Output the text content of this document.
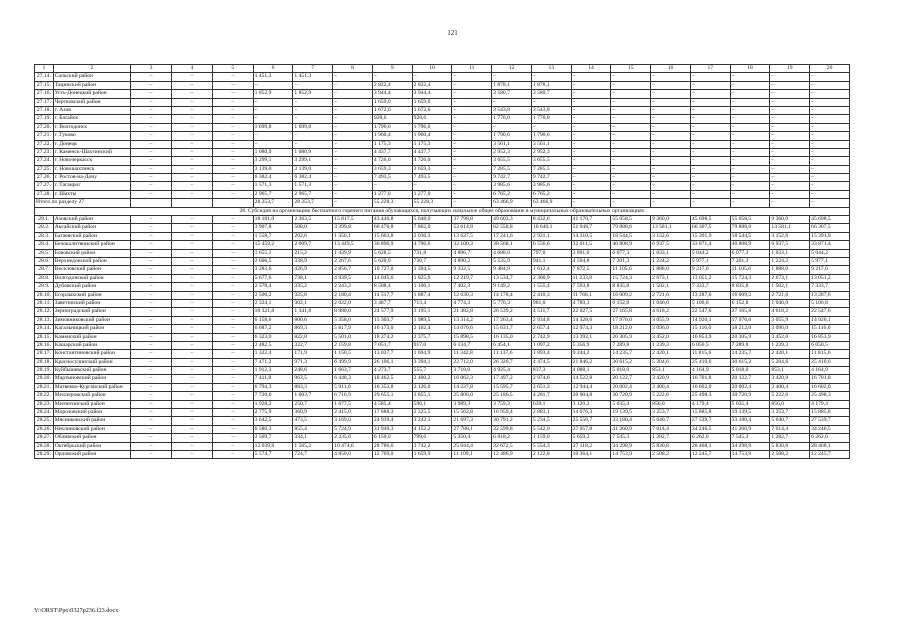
121
1	2	3	4	5	6	7	8	9	10	11	12	13	14	15	16	17	18	19	20
27.14.	Сальский район	–	–	–	1 451,3	1 451,3	–	–	–	–	–	–	–	–	–	–	–	–	–
27.15.	Тацинский район	–	–	–	–	–	–	2 822,4	2 822,4	–	1 878,1	1 878,1	–	–	–	–	–	–	–
27.16.	Усть-Донецкий район	–	–	–	1 852,9	1 852,9	–	3 944,4	3 944,4	–	3 580,7	3 580,7	–	–	–	–	–	–	–
27.17.	Чертковский район	–	–	–	–	–	–	1 659,0	1 659,0	–	–	–	–	–	–	–	–	–	–
27.18.	г. Азов	–	–	–	–	–	–	1 672,6	1 672,6	–	3 543,8	3 543,8	–	–	–	–	–	–	–
27.19.	г. Батайск	–	–	–	–	–	–	928,6	928,6	–	1 776,0	1 776,0	–	–	–	–	–	–	–
27.20.	г. Волгодонск	–	–	–	1 699,8	1 699,8	–	1 796,6	1 796,6	–	–	–	–	–	–	–	–	–	–
27.21.	г. Гуково	–	–	–	–	–	–	1 960,4	1 960,4	–	1 790,6	1 790,6	–	–	–	–	–	–	–
27.22.	г. Донецк	–	–	–	–	–	–	1 175,3	1 175,3	–	3 561,1	3 561,1	–	–	–	–	–	–	–
27.23.	г. Каменск-Шахтинский	–	–	–	1 080,9	1 080,9	–	4 437,7	4 437,7	–	2 952,3	2 952,3	–	–	–	–	–	–	–
27.24.	г. Новочеркасск	–	–	–	3 299,1	3 299,1	–	4 726,0	4 726,0	–	3 655,5	3 655,5	–	–	–	–	–	–	–
27.25.	г. Новошахтинск	–	–	–	3 139,0	3 139,0	–	3 659,3	3 659,3	–	7 285,5	7 285,5	–	–	–	–	–	–	–
27.26.	г. Ростов-на-Дону	–	–	–	6 382,4	6 382,4	–	7 493,5	7 493,5	–	9 742,7	9 742,7	–	–	–	–	–	–	–
27.27.	г. Таганрог	–	–	–	1 571,3	1 571,3	–	–	–	–	3 985,6	3 985,6	–	–	–	–	–	–	–
27.28.	г. Шахты	–	–	–	2 965,7	2 965,7	–	1 277,0	1 277,0	–	6 765,2	6 765,2	–	–	–	–	–	–	–
Итого по разделу 27					28 253,7	28 253,7	–	55 228,3	55 228,3	–	63 466,9	63 466,9	–	–	–	–	–	–	–
28. Субсидия на организацию бесплатного горячего питания обучающихся, получающих начальное общее образование в муниципальных образовательных организациях																			
28.1.	Азовский район	–	–	–	18 181,0	2 363,5	15 817,5	43 446,8	5 648,0	37 798,8	49 603,3	8 432,6	41 170,7	55 058,5	9 360,0	45 698,5	55 058,5	9 360,0	45 698,5
28.2.	Аксайский район	–	–	–	3 907,8	508,0	3 399,8	60 476,8	7 862,0	52 614,8	62 558,8	10 640,1	51 948,7	79 888,6	13 581,1	66 307,5	79 888,6	13 581,1	66 307,5
28.3.	Багаевский район	–	–	–	1 558,7	202,6	1 356,1	15 663,8	2 036,3	13 627,5	17 241,6	2 931,1	14 310,5	18 544,5	3 152,6	15 391,9	18 544,5	3 152,6	15 391,9
28.4.	Белокалитвинский район	–	–	–	15 459,2	2 009,7	13 449,5	36 896,9	4 796,6	32 100,3	38 568,1	6 556,6	32 011,5	40 808,9	6 937,5	33 871,4	40 808,9	6 937,5	33 871,4
28.5.	Боковский район	–	–	–	1 655,1	215,2	1 439,9	5 628,5	731,8	4 896,7	4 688,0	797,0	3 891,0	6 077,3	1 033,1	5 044,2	6 077,3	1 033,1	5 044,2
28.6.	Верхнедонской район	–	–	–	2 606,5	338,9	2 267,6	5 620,9	730,7	4 890,2	5 535,9	941,1	4 594,8	7 201,3	1 224,2	5 977,1	7 201,3	1 224,2	5 977,1
28.7.	Веселовский район	–	–	–	3 283,6	426,9	2 856,7	10 727,0	1 394,5	9 332,5	9 484,9	1 612,4	7 872,5	11 105,6	1 888,0	9 217,6	11 105,6	1 888,0	9 217,6
28.8.	Волгодонской район	–	–	–	5 677,6	738,1	4 939,5	14 045,6	1 825,9	12 219,7	13 534,7	2 300,9	11 233,8	15 724,3	2 673,1	13 051,2	15 724,3	2 673,1	13 051,2
28.9.	Дубовский район	–	–	–	2 578,4	335,2	2 243,2	8 508,4	1 106,1	7 402,3	9 149,2	1 555,4	7 593,8	8 835,8	1 502,1	7 333,7	8 835,8	1 502,1	7 333,7
28.10.	Егорлыкский район	–	–	–	2 506,2	325,8	2 180,4	14 517,7	1 887,4	12 630,3	14 178,4	2 410,3	11 768,1	16 009,2	2 721,6	13 287,6	16 009,2	2 721,6	13 287,6
28.11.	Заветинский район	–	–	–	2 324,1	302,1	2 022,0	3 487,7	713,4	4 774,3	5 770,3	981,0	4 789,3	6 152,8	1 046,0	5 106,8	6 152,8	1 046,0	5 106,8
28.12.	Зерноградский район	–	–	–	10 321,8	1 341,8	8 980,0	24 577,9	3 195,1	21 382,8	26 539,2	4 511,7	22 027,5	27 165,8	4 618,2	22 547,6	27 165,8	4 618,2	22 547,6
28.13.	Зимовниковский район	–	–	–	6 158,6	800,6	5 358,0	15 303,7	1 989,5	13 314,2	17 263,4	2 934,8	14 328,6	17 976,0	3 055,9	14 920,1	17 976,0	3 055,9	14 920,1
28.14.	Кагальницкий район	–	–	–	6 687,2	869,3	5 817,9	16 173,0	2 102,4	14 070,6	15 631,7	2 657,4	12 974,3	18 212,0	3 096,0	15 116,0	18 212,0	3 096,0	15 116,0
28.15.	Каменский район	–	–	–	6 323,0	822,0	5 501,0	18 274,2	2 375,7	15 898,5	16 135,0	2 742,9	13 392,1	20 305,9	3 452,0	16 853,9	20 305,9	3 452,0	16 853,9
28.16.	Кашарский район	–	–	–	2 482,5	322,7	2 159,8	7 051,7	917,0	6 134,7	6 454,1	1 097,2	5 356,9	7 289,8	1 239,3	6 050,5	7 289,8	1 239,3	6 050,5
28.17.	Константиновский район	–	–	–	1 322,4	171,9	1 150,5	13 037,7	1 694,9	11 342,8	11 137,6	1 893,4	9 244,2	14 235,7	2 420,1	11 815,6	14 235,7	2 420,1	11 815,6
28.18.	Красносулинский район	–	–	–	7 471,2	971,3	6 499,9	26 106,1	3 394,1	22 712,0	26 320,7	4 474,5	21 846,2	30 615,2	5 204,6	25 410,6	30 615,2	5 204,6	25 410,6
28.19.	Куйбышевский район	–	–	–	1 912,3	248,6	1 663,7	4 273,7	555,7	3 718,0	4 925,4	837,3	4 088,1	5 018,0	853,1	4 164,9	5 018,0	853,1	4 164,9
28.20.	Мартыновский район	–	–	–	7 411,8	963,5	6 448,3	18 462,5	2 400,2	16 062,3	17 497,2	2 974,6	14 522,8	20 122,7	3 420,9	16 701,8	20 122,7	3 420,9	16 701,8
28.21.	Матвеево-Курганский район	–	–	–	6 794,3	883,3	5 911,0	16 353,8	2 126,0	14 227,8	15 595,7	2 651,3	12 944,4	20 002,4	3 400,4	16 602,0	20 002,4	3 400,4	16 602,0
28.22.	Миллеровский район	–	–	–	7 720,6	1 003,7	6 716,9	29 655,1	3 855,1	25 800,0	25 186,5	4 281,7	20 904,8	30 720,9	5 222,6	25 498,3	30 720,9	5 222,6	25 498,3
28.23.	Милютинский район	–	–	–	1 928,2	250,7	1 677,5	4 585,4	596,1	3 989,3	3 759,3	639,1	3 120,2	5 035,4	856,0	4 179,4	5 035,4	856,0	4 179,4
28.24.	Морозовский район	–	–	–	2 775,9	360,9	2 415,0	17 888,3	2 325,5	15 562,8	16 959,4	2 883,1	14 076,3	19 139,5	3 253,7	15 885,8	19 139,5	3 253,7	15 885,8
28.25.	Мясниковский район	–	–	–	3 642,5	473,5	3 169,0	24 939,4	3 242,1	21 697,3	30 791,2	5 234,5	25 556,7	33 180,4	5 640,7	27 539,7	33 180,4	5 640,7	27 539,7
28.26.	Неклиновский район	–	–	–	6 580,3	855,4	5 724,9	31 940,3	4 152,2	27 788,1	32 599,8	5 542,0	27 057,8	41 260,9	7 014,4	34 246,5	41 260,9	7 014,4	34 246,5
28.27.	Обливский район	–	–	–	2 569,7	334,1	2 235,6	6 150,0	799,6	5 350,4	6 818,2	1 159,0	5 659,2	7 545,3	1 282,7	6 262,6	7 545,3	1 282,7	6 262,6
28.28.	Октябрьский район	–	–	–	12 039,8	1 565,2	10 474,6	28 786,6	3 742,2	25 044,4	32 672,5	5 554,3	27 118,2	34 298,9	5 830,8	28 468,1	34 298,9	5 830,8	28 468,1
28.29.	Орловский район	–	–	–	5 574,7	724,7	4 850,0	12 769,0	1 659,9	11 109,1	12 486,9	2 122,8	10 364,1	14 753,9	2 508,2	12 245,7	14 753,9	2 508,2	12 245,7
Y:\ORST\Ppo\0327p236.f23.docx
